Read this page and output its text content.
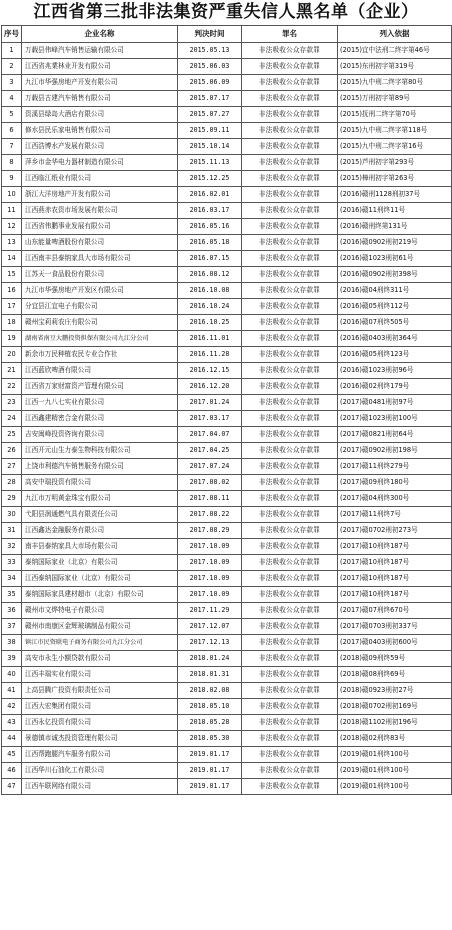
江西省第三批非法集资严重失信人黑名单（企业）
序号	企业名称	判决时间	罪名	列入依据
1	万载县伟峰汽车销售运输有限公司	2015.05.13	非法吸收公众存款罪	(2015)宜中法刑二终字第46号
2	江西省兆業林业开发有限公司	2015.06.03	非法吸收公众存款罪	(2015)东刑初字第319号
3	九江市华强房地产开发有限公司	2015.06.09	非法吸收公众存款罪	(2015)九中刑二终字第80号
4	万载县古建汽车销售有限公司	2015.07.17	非法吸收公众存款罪	(2015)万刑初字第89号
5	资溪县绿岛大酒店有限公司	2015.07.27	非法吸收公众存款罪	(2015)抚刑二终字第70号
6	修水县民乐家电销售有限公司	2015.09.11	非法吸收公众存款罪	(2015)九中刑二终字第118号
7	江西浩博水产发展有限公司	2015.10.14	非法吸收公众存款罪	(2015)九中刑二终字第16号
8	萍乡市金华电力器材制造有限公司	2015.11.13	非法吸收公众存款罪	(2015)芦刑初字第293号
9	江西临江纸业有限公司	2015.12.25	非法吸收公众存款罪	(2015)樟刑初字第263号
10	浙江大洋房地产开发有限公司	2016.02.01	非法吸收公众存款罪	(2016)赣刑1128刑初37号
11	江西燕赤农资市场发展有限公司	2016.03.17	非法吸收公众存款罪	(2016)赣11刑终11号
12	江西省伟鹏事业发展有限公司	2016.05.16	非法吸收公众存款罪	(2016)赣刑终第131号
13	山东能量啤酒股份有限公司	2016.05.18	非法吸收公众存款罪	(2016)赣0902刑初219号
14	江西南丰县泰纳家具大市场有限公司	2016.07.15	非法吸收公众存款罪	(2016)赣1023刑初61号
15	江苏天一食品股份有限公司	2016.08.12	非法吸收公众存款罪	(2016)赣0902刑初398号
16	九江市华强房地产开发区有限公司	2016.10.08	非法吸收公众存款罪	(2016)赣04刑终311号
17	分宜县江宜电子有限公司	2016.10.24	非法吸收公众存款罪	(2016)赣05刑终112号
18	赣州宝莉莉农庄有限公司	2016.10.25	非法吸收公众存款罪	(2016)赣07刑终505号
19	湖南省南豆大鹏投资担保有限公司九江分公司	2016.11.01	非法吸收公众存款罪	(2016)赣0403刑初364号
20	新余市万民种植农民专业合作社	2016.11.28	非法吸收公众存款罪	(2016)赣05刑终123号
21	江西蓝欣啤酒有限公司	2016.12.15	非法吸收公众存款罪	(2016)赣1023刑初96号
22	江西省万家财富资产管理有限公司	2016.12.20	非法吸收公众存款罪	(2016)赣02刑终179号
23	江西一九八七实业有限公司	2017.01.24	非法吸收公众存款罪	(2017)赣0481刑初97号
24	江西鑫建精密合金有限公司	2017.03.17	非法吸收公众存款罪	(2017)赣1023刑初100号
25	吉安闽峰投资咨询有限公司	2017.04.07	非法吸收公众存款罪	(2017)赣0821刑初64号
26	江西开元山生力泰生物科技有限公司	2017.04.25	非法吸收公众存款罪	(2017)赣0902刑初198号
27	上饶市利德汽车销售服务有限公司	2017.07.24	非法吸收公众存款罪	(2017)赣11刑终279号
28	高安中瑞投资有限公司	2017.08.02	非法吸收公众存款罪	(2017)赣09刑终180号
29	九江市万明黄金珠宝有限公司	2017.08.11	非法吸收公众存款罪	(2017)赣04刑终300号
30	弋阳县润通燃气具有限责任公司	2017.08.22	非法吸收公众存款罪	(2017)赣11刑终7号
31	江西鑫达金融服务有限公司	2017.08.29	非法吸收公众存款罪	(2017)赣0702刑初273号
32	南丰县泰纳家具大市场有限公司	2017.10.09	非法吸收公众存款罪	(2017)赣10刑终187号
33	泰纳国际家业（北京）有限公司	2017.10.09	非法吸收公众存款罪	(2017)赣10刑终187号
34	江西泰纳国际家业（北京）有限公司	2017.10.09	非法吸收公众存款罪	(2017)赣10刑终187号
35	泰纳国际家具建材超市（北京）有限公司	2017.10.09	非法吸收公众存款罪	(2017)赣10刑终187号
36	赣州市文烨特电子有限公司	2017.11.29	非法吸收公众存款罪	(2017)赣07刑终670号
37	赣州市南康区金辉玻璃制品有限公司	2017.12.07	非法吸收公众存款罪	(2017)赣0703刑初337号
38	镇江市民资联电子商务有限公司九江分公司	2017.12.13	非法吸收公众存款罪	(2017)赣0403刑初600号
39	高安市永生小额贷款有限公司	2018.01.24	非法吸收公众存款罪	(2018)赣09刑终59号
40	江西丰瑞实业有限公司	2018.01.31	非法吸收公众存款罪	(2018)赣08刑终69号
41	上高县腾广投资有限责任公司	2018.02.08	非法吸收公众存款罪	(2018)赣0923刑初27号
42	江西大宏集团有限公司	2018.05.10	非法吸收公众存款罪	(2018)赣0702刑初169号
43	江西永亿投资有限公司	2018.05.28	非法吸收公众存款罪	(2018)赣1102刑初196号
44	景德镇市诚杰投资管理有限公司	2018.05.30	非法吸收公众存款罪	(2018)赣02刑终83号
45	江西帮跑腿汽车服务有限公司	2019.01.17	非法吸收公众存款罪	(2019)赣01刑终100号
46	江西华川石油化工有限公司	2019.01.17	非法吸收公众存款罪	(2019)赣01刑终100号
47	江西车联网络有限公司	2019.01.17	非法吸收公众存款罪	(2019)赣01刑终100号
